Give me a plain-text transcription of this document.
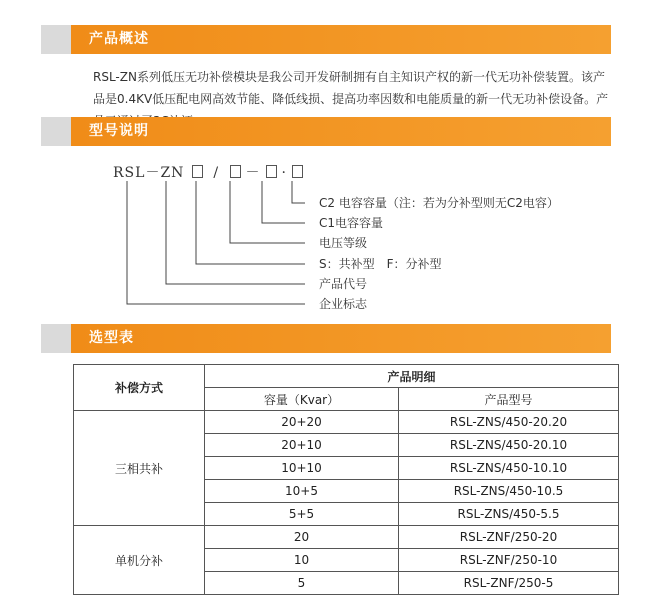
产品概述

RSL-ZN系列低压无功补偿模块是我公司开发研制拥有自主知识产权的新一代无功补偿装置。该产品是0.4KV低压配电网高效节能、降低线损、提高功率因数和电能质量的新一代无功补偿设备。产

型号说明
RSL－ZN / － ·
C2 电容容量（注：若为分补型则无C2电容）
C1电容容量
电压等级
S：共补型　F：分补型
产品代号
企业标志
选型表
补偿方式	产品明细	
	容量（Kvar）	产品型号
三相共补	20+20	RSL-ZNS/450-20.20
	20+10	RSL-ZNS/450-20.10
	10+10	RSL-ZNS/450-10.10
	10+5	RSL-ZNS/450-10.5
	5+5	RSL-ZNS/450-5.5
单机分补	20	RSL-ZNF/250-20
	10	RSL-ZNF/250-10
	5	RSL-ZNF/250-5
